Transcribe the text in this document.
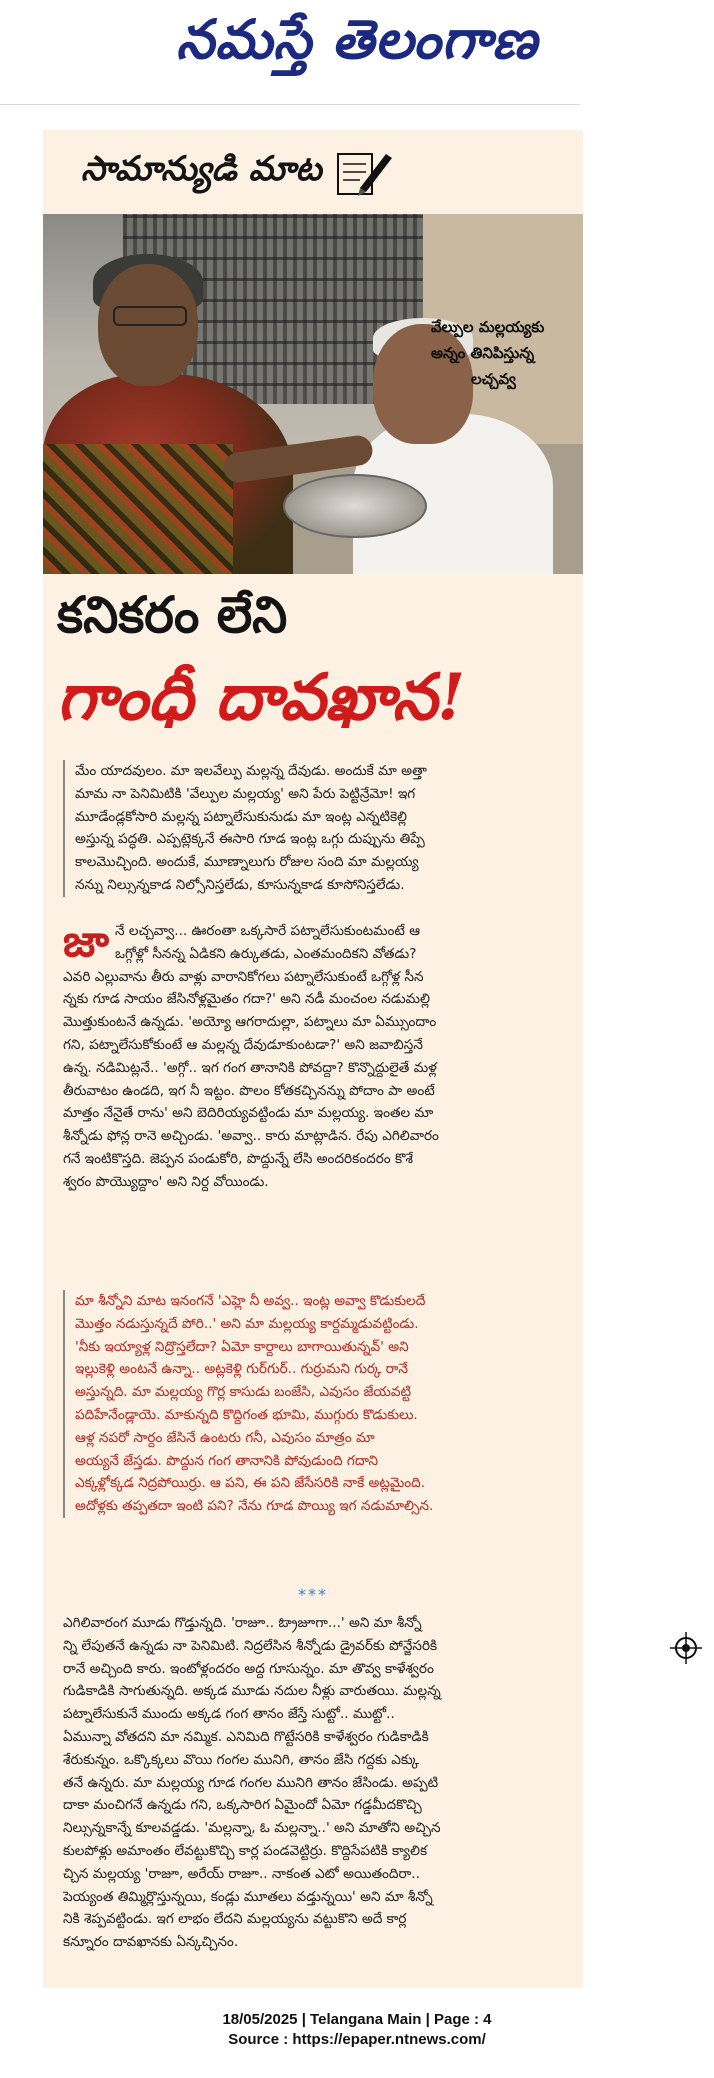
నమస్తే తెలంగాణ
సామాన్యుడి మాట
వేల్పుల మల్లయ్యకు
అన్నం తినిపిస్తున్న
లచ్చవ్వ
కనికరం లేని
గాంధీ దావఖాన!
మేం యాదవులం. మా ఇలవేల్పు మల్లన్న దేవుడు. అందుకే మా అత్తా
మామ నా పెనిమిటికి 'వేల్పుల మల్లయ్య' అని పేరు పెట్టిన్రేమో! ఇగ
మూడేండ్లకోసారి మల్లన్న పట్నాలేసుకునుడు మా ఇంట్ల ఎన్నటికెల్లి
అస్తున్న పద్ధతి. ఎప్పట్లెక్కనే ఈసారి గూడ ఇంట్ల ఒగ్గు దుప్పును తిప్పే
కాలమొచ్చింది. అందుకే, మూణ్నాలుగు రోజుల సంది మా మల్లయ్య
నన్ను నిల్సున్నకాడ నిల్సోనిస్తలేడు, కూసున్నకాడ కూసోనిస్తలేడు.
జా నే లచ్చవ్వా... ఊరంతా ఒక్కసారే పట్నాలేసుకుంటమంటే ఆ
ఒగ్గోళ్లో సీనన్న ఏడికని ఉర్కుతడు, ఎంతమందికని వోతడు?
ఎవరి ఎల్లువాను తీరు వాళ్లు వారానికోగలు పట్నాలేసుకుంటే ఒగ్గోళ్ల సీన
న్నకు గూడ సాయం జేసినోళ్లమైతం గదా?' అని నడీ మంచంల నడుమల్లి
మొత్తుకుంటనే ఉన్నడు. 'అయ్యో ఆగరాదుల్లా, పట్నాలు మా ఏమ్సుందాం
గని, పట్నాలేసుకోకుంటే ఆ మల్లన్న దేవుడూకుంటడా?' అని జవాబిస్తనే
ఉన్న. నడిమిట్లనే.. 'అగ్గో.. ఇగ గంగ తానానికి పోవద్దా? కొన్నొద్దులైతే మళ్ల
తీరువాటం ఉండది, ఇగ నీ ఇట్టం. పొలం కోతకచ్చినన్ను పోదాం పా అంటే
మాత్తం నేనైతే రాను' అని బెదిరియ్యవట్టిండు మా మల్లయ్య. ఇంతల మా
శీన్నోడు ఫోన్ల రానె అచ్చిండు. 'అవ్వా.. కారు మాట్లాడిన. రేపు ఎగిలివారం
గనే ఇంటికొస్తది. జెప్పన పండుకోరి, పొద్దున్నే లేసి అందరికందరం కొశే
శ్వరం పొయ్యొద్దాం' అని నిర్ద వోయిండు.
మా శీన్నోని మాట ఇనంగనే 'ఎహ్లె నీ అవ్వ.. ఇంట్ల అవ్వా కొడుకులదే
మొత్తం నడుస్తున్నదే పోరి..' అని మా మల్లయ్య కార్దమ్మడువట్టిండు.
'నీకు ఇయ్యాళ్ల నిద్రొస్తలేదా? ఏమో కార్దాలు బాగాయితున్నవ్' అని
ఇల్లుకెళ్లి అంటనే ఉన్నా.. అట్లకెళ్లి గుర్‌గుర్.. గుర్రుమని గుర్క రానే
అస్తున్నది. మా మల్లయ్య గొర్ల కాసుడు బంజేసి, ఎవుసం జేయవట్టి
పదిహేనేండ్లాయె. మాకున్నది కొద్దిగంత భూమి, ముగ్గురు కొడుకులు.
ఆళ్ల నపరో సార్దం జేసినే ఉంటరు గనీ, ఎవుసం మాత్రం మా
అయ్యనే జేస్తడు. పొద్దున గంగ తానానికి పోవుడుంది గదాని
ఎక్కళ్లోక్కడ నిద్రపోయిర్రు. ఆ పని, ఈ పని జేసేసరికి నాకే అట్లమైంది.
అదోళ్లకు తప్పతదా ఇంటి పని? నేను గూడ పొయ్యి ఇగ నడుమాల్సిన.
***
ఎగిలివారంగ మూడు గొడ్తున్నది. 'రాజూ.. ఓ్రాజూగా...' అని మా శీన్నో
న్ని లేపుతనే ఉన్నడు నా పెనిమిటి. నిద్రలేసిన శీన్నోడు డ్రైవర్‌కు పోన్జేసరికి
రానే అచ్చింది కారు. ఇంటోళ్లందరం అద్ద గూసున్నం. మా తొవ్వ కాళేశ్వరం
గుడికాడికి సాగుతున్నది. అక్కడ మూడు నదుల నీళ్లు వారుతయి. మల్లన్న
పట్నాలేసుకునే ముందు అక్కడ గంగ తానం జేస్తే సుట్టో.. ముట్టో..
ఏమున్నా వోతదని మా నమ్మిక. ఎనిమిది గొట్టేసరికి కాళేశ్వరం గుడికాడికి
శేరుకున్నం. ఒక్కొక్కలు వొయి గంగల మునిగి, తానం జేసి గద్దకు ఎక్కు
తనే ఉన్నరు. మా మల్లయ్య గూడ గంగల మునిగి తానం జేసిండు. అప్పటి
దాకా మంచిగనే ఉన్నడు గని, ఒక్కసారిగ ఏమైందో ఏమో గడ్డమీదకొచ్చి
నిల్సున్నకాన్నే కూలవడ్డడు. 'మల్లన్నా, ఓ మల్లన్నా..' అని మాతోని అచ్చిన
కులపోళ్లు అమాంతం లేవట్టుకొచ్చి కార్ల పండవెట్టిర్రు. కొద్దిసేపటికి క్యాలిక
చ్చిన మల్లయ్య 'రాజూ, అరేయ్ రాజూ.. నాకంత ఎటో అయితందిరా..
పెయ్యంత తిమ్మిర్లొస్తున్నయి, కండ్లు మూతలు వడ్తున్నయి' అని మా శీన్నో
నికి శెప్పవట్టిండు. ఇగ లాభం లేదని మల్లయ్యను వట్టుకొని అదే కార్ల
కన్నూరం దావఖానకు ఏన్కచ్చినం.
18/05/2025 | Telangana Main | Page : 4
Source : https://epaper.ntnews.com/
